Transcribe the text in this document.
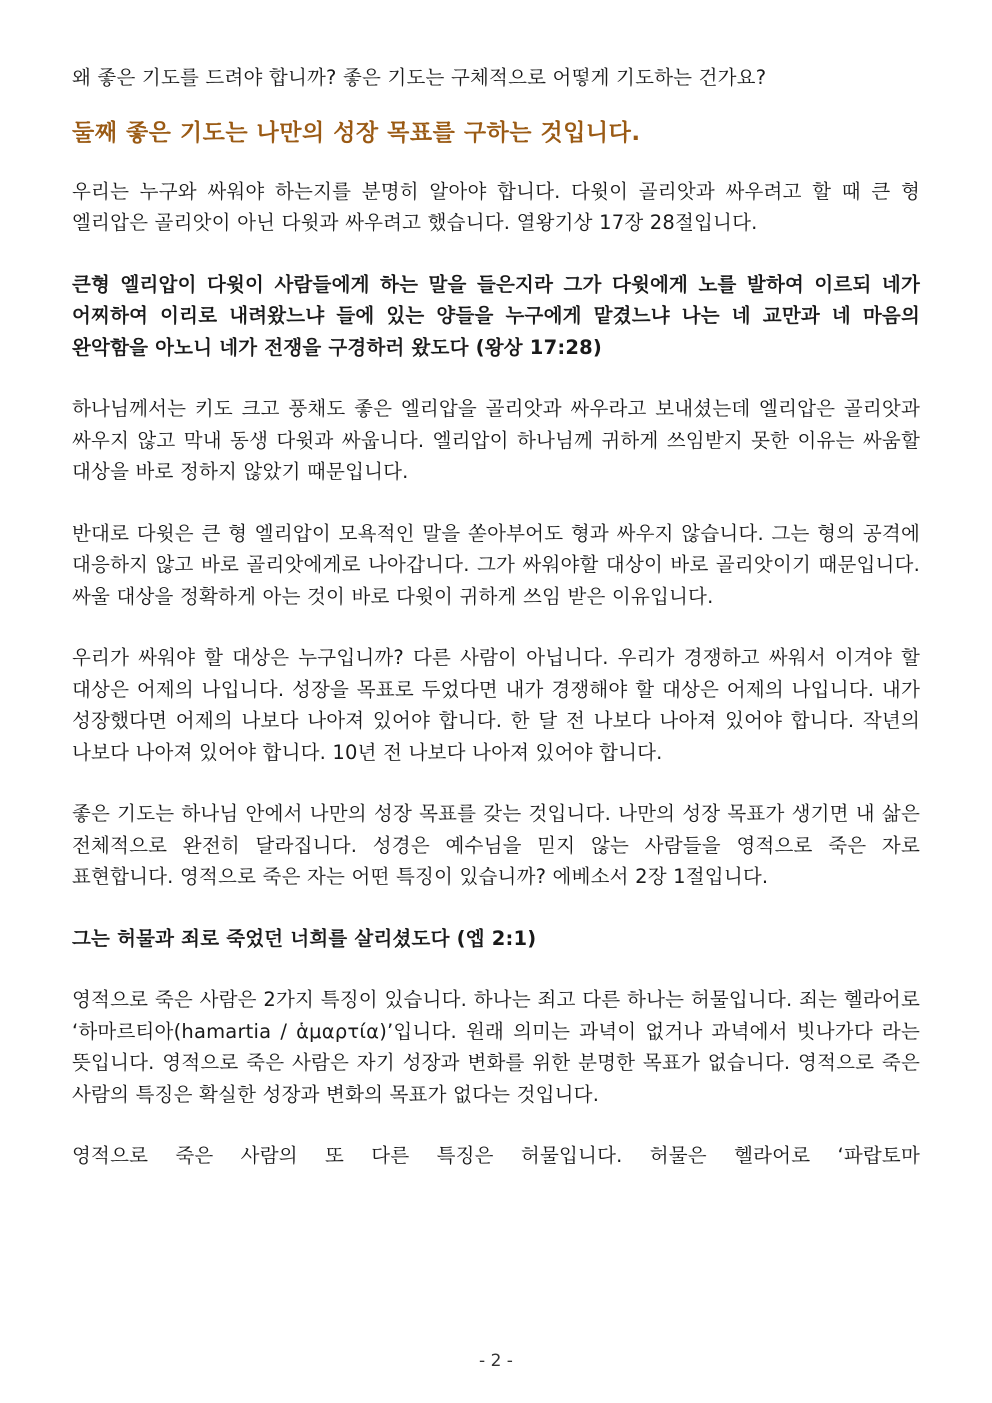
왜 좋은 기도를 드려야 합니까? 좋은 기도는 구체적으로 어떻게 기도하는 건가요?

둘째 좋은 기도는 나만의 성장 목표를 구하는 것입니다.

우리는 누구와 싸워야 하는지를 분명히 알아야 합니다. 다윗이 골리앗과 싸우려고 할 때 큰 형 엘리압은 골리앗이 아닌 다윗과 싸우려고 했습니다. 열왕기상 17장 28절입니다.

큰형 엘리압이 다윗이 사람들에게 하는 말을 들은지라 그가 다윗에게 노를 발하여 이르되 네가 어찌하여 이리로 내려왔느냐 들에 있는 양들을 누구에게 맡겼느냐 나는 네 교만과 네 마음의 완악함을 아노니 네가 전쟁을 구경하러 왔도다 (왕상 17:28)

하나님께서는 키도 크고 풍채도 좋은 엘리압을 골리앗과 싸우라고 보내셨는데 엘리압은 골리앗과 싸우지 않고 막내 동생 다윗과 싸웁니다. 엘리압이 하나님께 귀하게 쓰임받지 못한 이유는 싸움할 대상을 바로 정하지 않았기 때문입니다.

반대로 다윗은 큰 형 엘리압이 모욕적인 말을 쏟아부어도 형과 싸우지 않습니다. 그는 형의 공격에 대응하지 않고 바로 골리앗에게로 나아갑니다. 그가 싸워야할 대상이 바로 골리앗이기 때문입니다. 싸울 대상을 정확하게 아는 것이 바로 다윗이 귀하게 쓰임 받은 이유입니다.

우리가 싸워야 할 대상은 누구입니까? 다른 사람이 아닙니다. 우리가 경쟁하고 싸워서 이겨야 할 대상은 어제의 나입니다. 성장을 목표로 두었다면 내가 경쟁해야 할 대상은 어제의 나입니다. 내가 성장했다면 어제의 나보다 나아져 있어야 합니다. 한 달 전 나보다 나아져 있어야 합니다. 작년의 나보다 나아져 있어야 합니다. 10년 전 나보다 나아져 있어야 합니다.

좋은 기도는 하나님 안에서 나만의 성장 목표를 갖는 것입니다. 나만의 성장 목표가 생기면 내 삶은 전체적으로 완전히 달라집니다. 성경은 예수님을 믿지 않는 사람들을 영적으로 죽은 자로 표현합니다. 영적으로 죽은 자는 어떤 특징이 있습니까? 에베소서 2장 1절입니다.

그는 허물과 죄로 죽었던 너희를 살리셨도다 (엡 2:1)

영적으로 죽은 사람은 2가지 특징이 있습니다. 하나는 죄고 다른 하나는 허물입니다. 죄는 헬라어로 ‘하마르티아(hamartia / ἁμαρτία)’입니다. 원래 의미는 과녁이 없거나 과녁에서 빗나가다 라는 뜻입니다. 영적으로 죽은 사람은 자기 성장과 변화를 위한 분명한 목표가 없습니다. 영적으로 죽은 사람의 특징은 확실한 성장과 변화의 목표가 없다는 것입니다.

영적으로 죽은 사람의 또 다른 특징은 허물입니다. 허물은 헬라어로 ‘파랍토마

- 2 -
